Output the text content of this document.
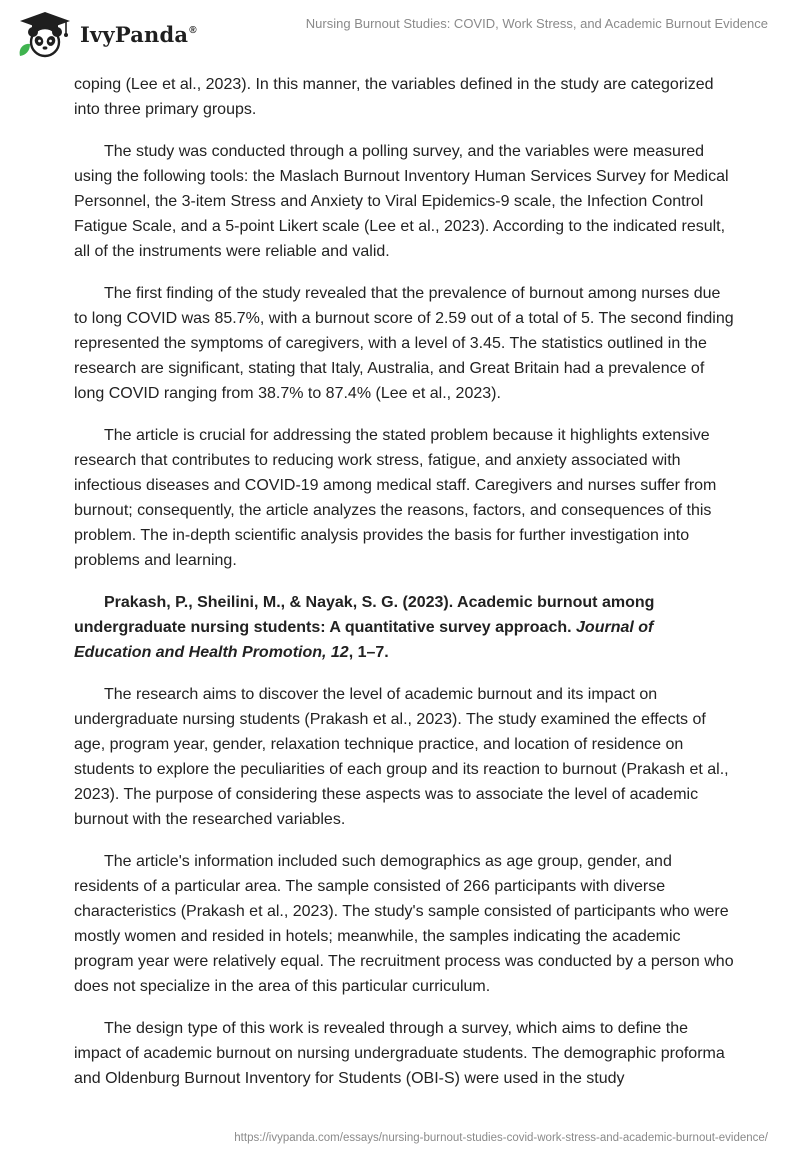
IvyPanda®	Nursing Burnout Studies: COVID, Work Stress, and Academic Burnout Evidence

coping (Lee et al., 2023). In this manner, the variables defined in the study are categorized into three primary groups.

The study was conducted through a polling survey, and the variables were measured using the following tools: the Maslach Burnout Inventory Human Services Survey for Medical Personnel, the 3-item Stress and Anxiety to Viral Epidemics-9 scale, the Infection Control Fatigue Scale, and a 5-point Likert scale (Lee et al., 2023). According to the indicated result, all of the instruments were reliable and valid.

The first finding of the study revealed that the prevalence of burnout among nurses due to long COVID was 85.7%, with a burnout score of 2.59 out of a total of 5. The second finding represented the symptoms of caregivers, with a level of 3.45. The statistics outlined in the research are significant, stating that Italy, Australia, and Great Britain had a prevalence of long COVID ranging from 38.7% to 87.4% (Lee et al., 2023).

The article is crucial for addressing the stated problem because it highlights extensive research that contributes to reducing work stress, fatigue, and anxiety associated with infectious diseases and COVID-19 among medical staff. Caregivers and nurses suffer from burnout; consequently, the article analyzes the reasons, factors, and consequences of this problem. The in-depth scientific analysis provides the basis for further investigation into problems and learning.

Prakash, P., Sheilini, M., & Nayak, S. G. (2023). Academic burnout among undergraduate nursing students: A quantitative survey approach. Journal of Education and Health Promotion, 12, 1–7.

The research aims to discover the level of academic burnout and its impact on undergraduate nursing students (Prakash et al., 2023). The study examined the effects of age, program year, gender, relaxation technique practice, and location of residence on students to explore the peculiarities of each group and its reaction to burnout (Prakash et al., 2023). The purpose of considering these aspects was to associate the level of academic burnout with the researched variables.

The article's information included such demographics as age group, gender, and residents of a particular area. The sample consisted of 266 participants with diverse characteristics (Prakash et al., 2023). The study's sample consisted of participants who were mostly women and resided in hotels; meanwhile, the samples indicating the academic program year were relatively equal. The recruitment process was conducted by a person who does not specialize in the area of this particular curriculum.

The design type of this work is revealed through a survey, which aims to define the impact of academic burnout on nursing undergraduate students. The demographic proforma and Oldenburg Burnout Inventory for Students (OBI-S) were used in the study

https://ivypanda.com/essays/nursing-burnout-studies-covid-work-stress-and-academic-burnout-evidence/
